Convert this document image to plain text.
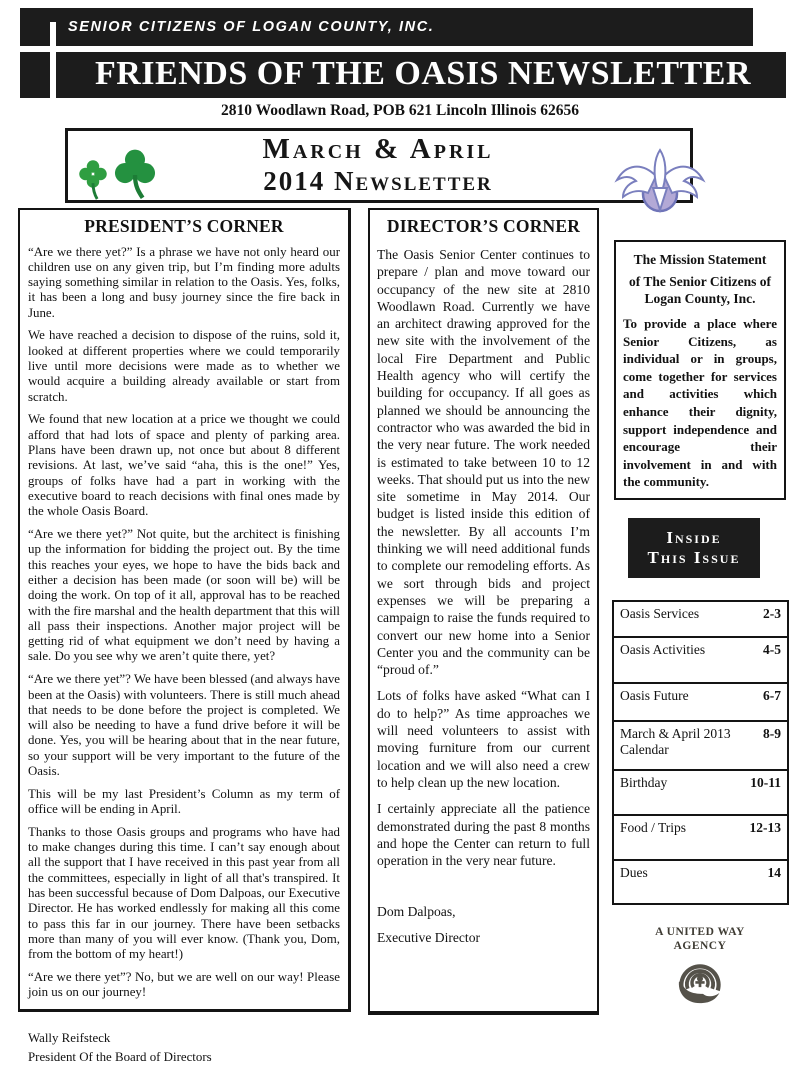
SENIOR CITIZENS OF LOGAN COUNTY, INC.
FRIENDS OF THE OASIS NEWSLETTER
2810 Woodlawn Road, POB 621 Lincoln Illinois 62656

March & April
2014 Newsletter
PRESIDENT’S CORNER

“Are we there yet?” Is a phrase we have not only heard our children use on any given trip, but I’m finding more adults saying something similar in relation to the Oasis. Yes, folks, it has been a long and busy journey since the fire back in June.

We have reached a decision to dispose of the ruins, sold it, looked at different properties where we could temporarily live until more decisions were made as to whether we would acquire a building already available or start from scratch.

We found that new location at a price we thought we could afford that had lots of space and plenty of parking area. Plans have been drawn up, not once but about 8 different revisions. At last, we’ve said “aha, this is the one!” Yes, groups of folks have had a part in working with the executive board to reach decisions with final ones made by the whole Oasis Board.

“Are we there yet?” Not quite, but the architect is finishing up the information for bidding the project out. By the time this reaches your eyes, we hope to have the bids back and either a decision has been made (or soon will be) will be doing the work. On top of it all, approval has to be reached with the fire marshal and the health department that this will all pass their inspections. Another major project will be getting rid of what equipment we don’t need by having a sale. Do you see why we aren’t quite there, yet?

“Are we there yet”? We have been blessed (and always have been at the Oasis) with volunteers. There is still much ahead that needs to be done before the project is completed. We will also be needing to have a fund drive before it will be done. Yes, you will be hearing about that in the near future, so your support will be very important to the future of the Oasis.

This will be my last President’s Column as my term of office will be ending in April.

Thanks to those Oasis groups and programs who have had to make changes during this time. I can’t say enough about all the support that I have received in this past year from all the committees, especially in light of all that's transpired. It has been successful because of Dom Dalpoas, our Executive Director. He has worked endlessly for making all this come to pass this far in our journey. There have been setbacks more than many of you will ever know. (Thank you, Dom, from the bottom of my heart!)

“Are we there yet”? No, but we are well on our way! Please join us on our journey!

Wally Reifsteck

President Of the Board of Directors

DIRECTOR’S CORNER

The Oasis Senior Center continues to prepare / plan and move toward our occupancy of the new site at 2810 Woodlawn Road. Currently we have an architect drawing approved for the new site with the involvement of the local Fire Department and Public Health agency who will certify the building for occupancy. If all goes as planned we should be announcing the contractor who was awarded the bid in the very near future. The work needed is estimated to take between 10 to 12 weeks. That should put us into the new site sometime in May 2014. Our budget is listed inside this edition of the newsletter. By all accounts I’m thinking we will need additional funds to complete our remodeling efforts. As we sort through bids and project expenses we will be preparing a campaign to raise the funds required to convert our new home into a Senior Center you and the community can be “proud of.”

Lots of folks have asked “What can I do to help?” As time approaches we will need volunteers to assist with moving furniture from our current location and we will also need a crew to help clean up the new location.

I certainly appreciate all the patience demonstrated during the past 8 months and hope the Center can return to full operation in the very near future.

Dom Dalpoas,

Executive Director

The Mission Statement
of The Senior Citizens of Logan County, Inc.
To provide a place where Senior Citizens, as individual or in groups, come together for services and activities which enhance their dignity, support independence and encourage their involvement in and with the community.
Inside This Issue
Oasis Services	2-3
Oasis Activities	4-5
Oasis Future	6-7
March & April 2013 Calendar
8-9
Birthday	10-11
Food / Trips	12-13
Dues	14
A UNITED WAY
AGENCY
